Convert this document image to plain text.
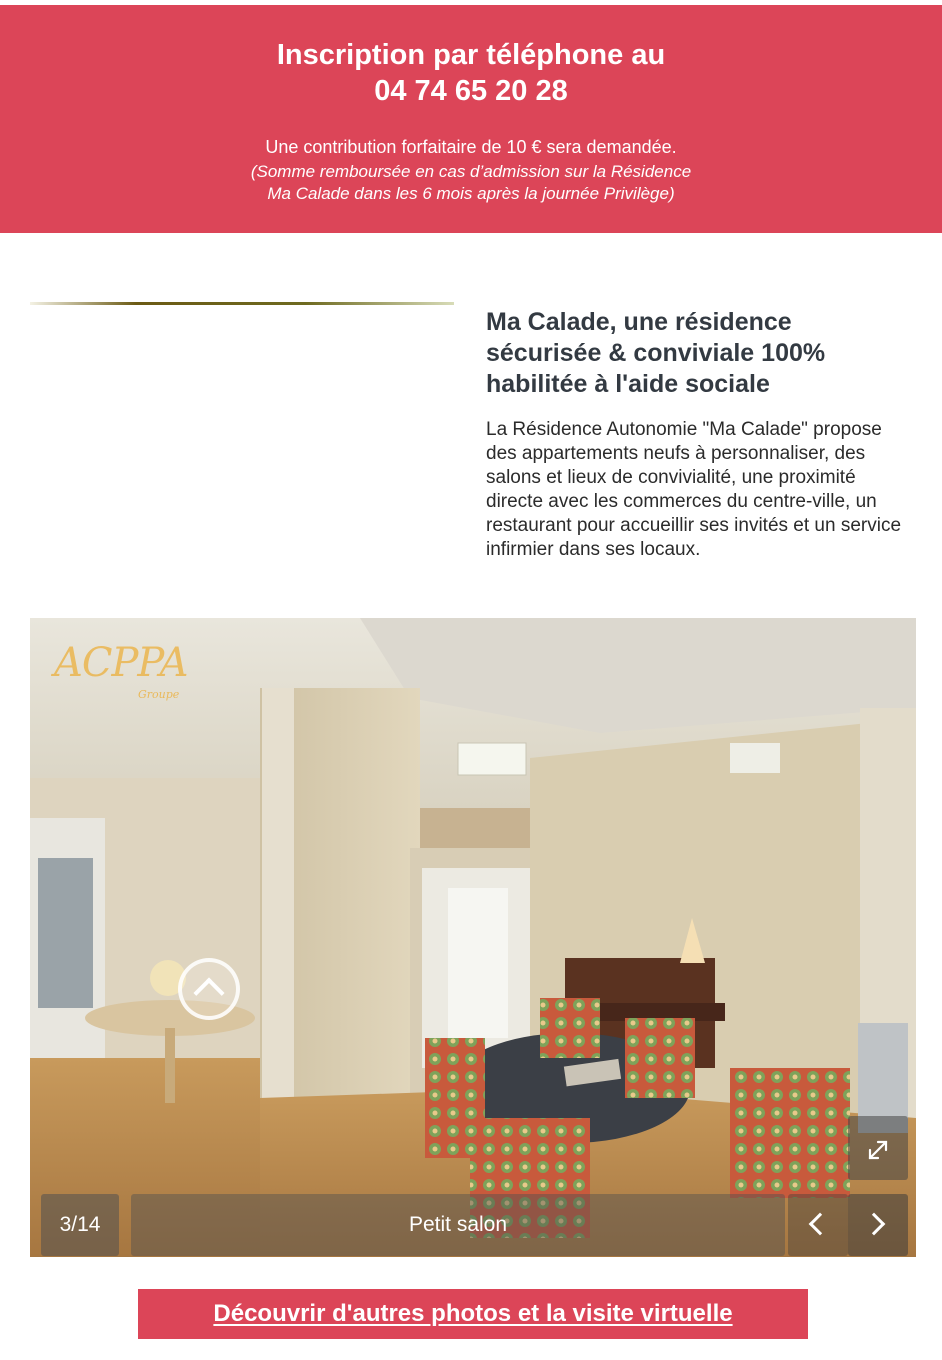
Inscription par téléphone au
04 74 65 20 28
Une contribution forfaitaire de 10 € sera demandée.
(Somme remboursée en cas d’admission sur la Résidence
Ma Calade dans les 6 mois après la journée Privilège)
Ma Calade, une résidence sécurisée & conviviale 100% habilitée à l'aide sociale

La Résidence Autonomie "Ma Calade" propose des appartements neufs à personnaliser, des salons et lieux de convivialité, une proximité directe avec les commerces du centre-ville, un restaurant pour accueillir ses invités et un service infirmier dans ses locaux.

ACPPA
Groupe
3/14	Petit salon
Découvrir d'autres photos et la visite virtuelle
